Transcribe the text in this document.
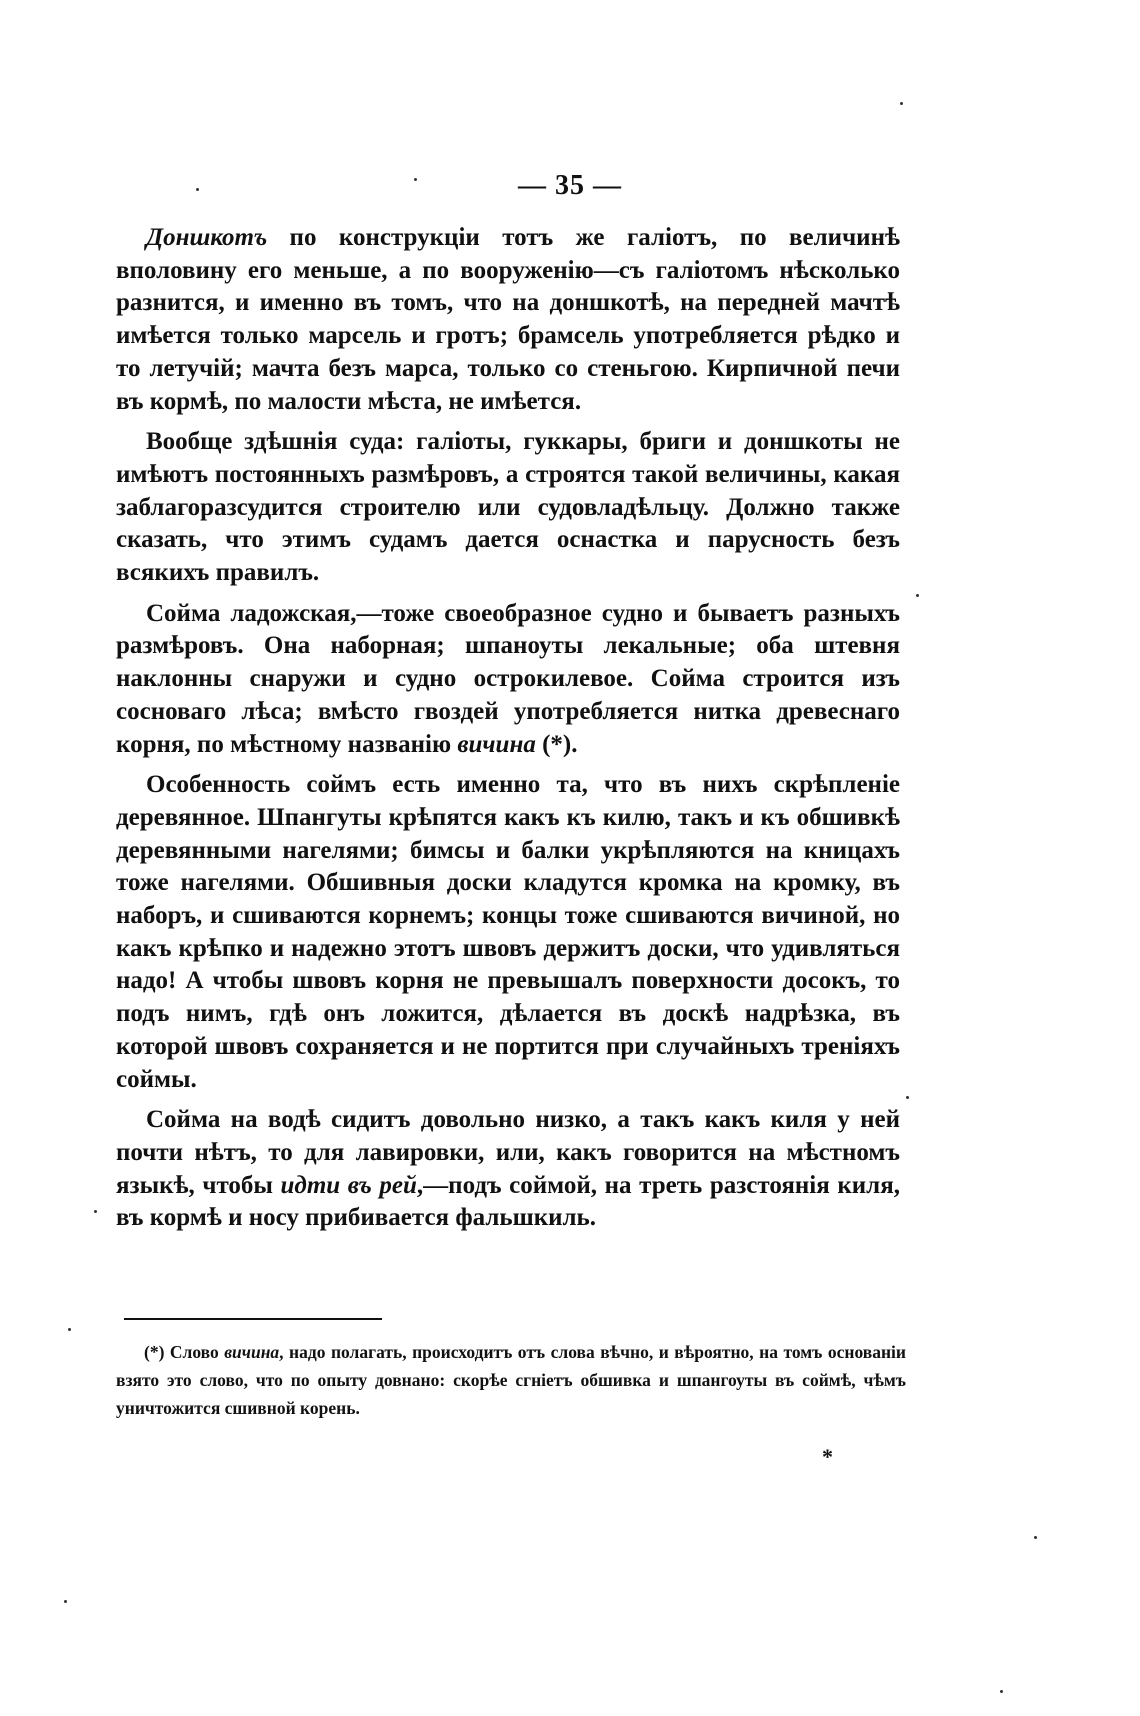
— 35 —

Доншкотъ по конструкціи тотъ же галіотъ, по величинѣ вполовину его меньше, а по вооруженію—съ галіотомъ нѣсколько разнится, и именно въ томъ, что на доншкотѣ, на передней мачтѣ имѣется только марсель и гротъ; брамсель употребляется рѣдко и то летучій; мачта безъ марса, только со стеньгою. Кирпичной печи въ кормѣ, по малости мѣста, не имѣется.

Вообще здѣшнія суда: галіоты, гуккары, бриги и доншкоты не имѣютъ постоянныхъ размѣровъ, а строятся такой величины, какая заблагоразсудится строителю или судовладѣльцу. Должно также сказать, что этимъ судамъ дается оснастка и парусность безъ всякихъ правилъ.

Сойма ладожская,—тоже своеобразное судно и бываетъ разныхъ размѣровъ. Она наборная; шпаноуты лекальные; оба штевня наклонны снаружи и судно острокилевое. Сойма строится изъ сосноваго лѣса; вмѣсто гвоздей употребляется нитка древеснаго корня, по мѣстному названію вичина (*).

Особенность соймъ есть именно та, что въ нихъ скрѣпленіе деревянное. Шпангуты крѣпятся какъ къ килю, такъ и къ обшивкѣ деревянными нагелями; бимсы и балки укрѣпляются на кницахъ тоже нагелями. Обшивныя доски кладутся кромка на кромку, въ наборъ, и сшиваются корнемъ; концы тоже сшиваются вичиной, но какъ крѣпко и надежно этотъ швовъ держитъ доски, что удивляться надо! А чтобы швовъ корня не превышалъ поверхности досокъ, то подъ нимъ, гдѣ онъ ложится, дѣлается въ доскѣ надрѣзка, въ которой швовъ сохраняется и не портится при случайныхъ треніяхъ соймы.

Сойма на водѣ сидитъ довольно низко, а такъ какъ киля у ней почти нѣтъ, то для лавировки, или, какъ говорится на мѣстномъ языкѣ, чтобы идти въ рей,—подъ соймой, на треть разстоянія киля, въ кормѣ и носу прибивается фальшкиль.

(*) Слово вичина, надо полагать, происходитъ отъ слова вѣчно, и вѣроятно, на томъ основаніи взято это слово, что по опыту довнано: скорѣе сгніетъ обшивка и шпангоуты въ соймѣ, чѣмъ уничтожится сшивной корень.

*
